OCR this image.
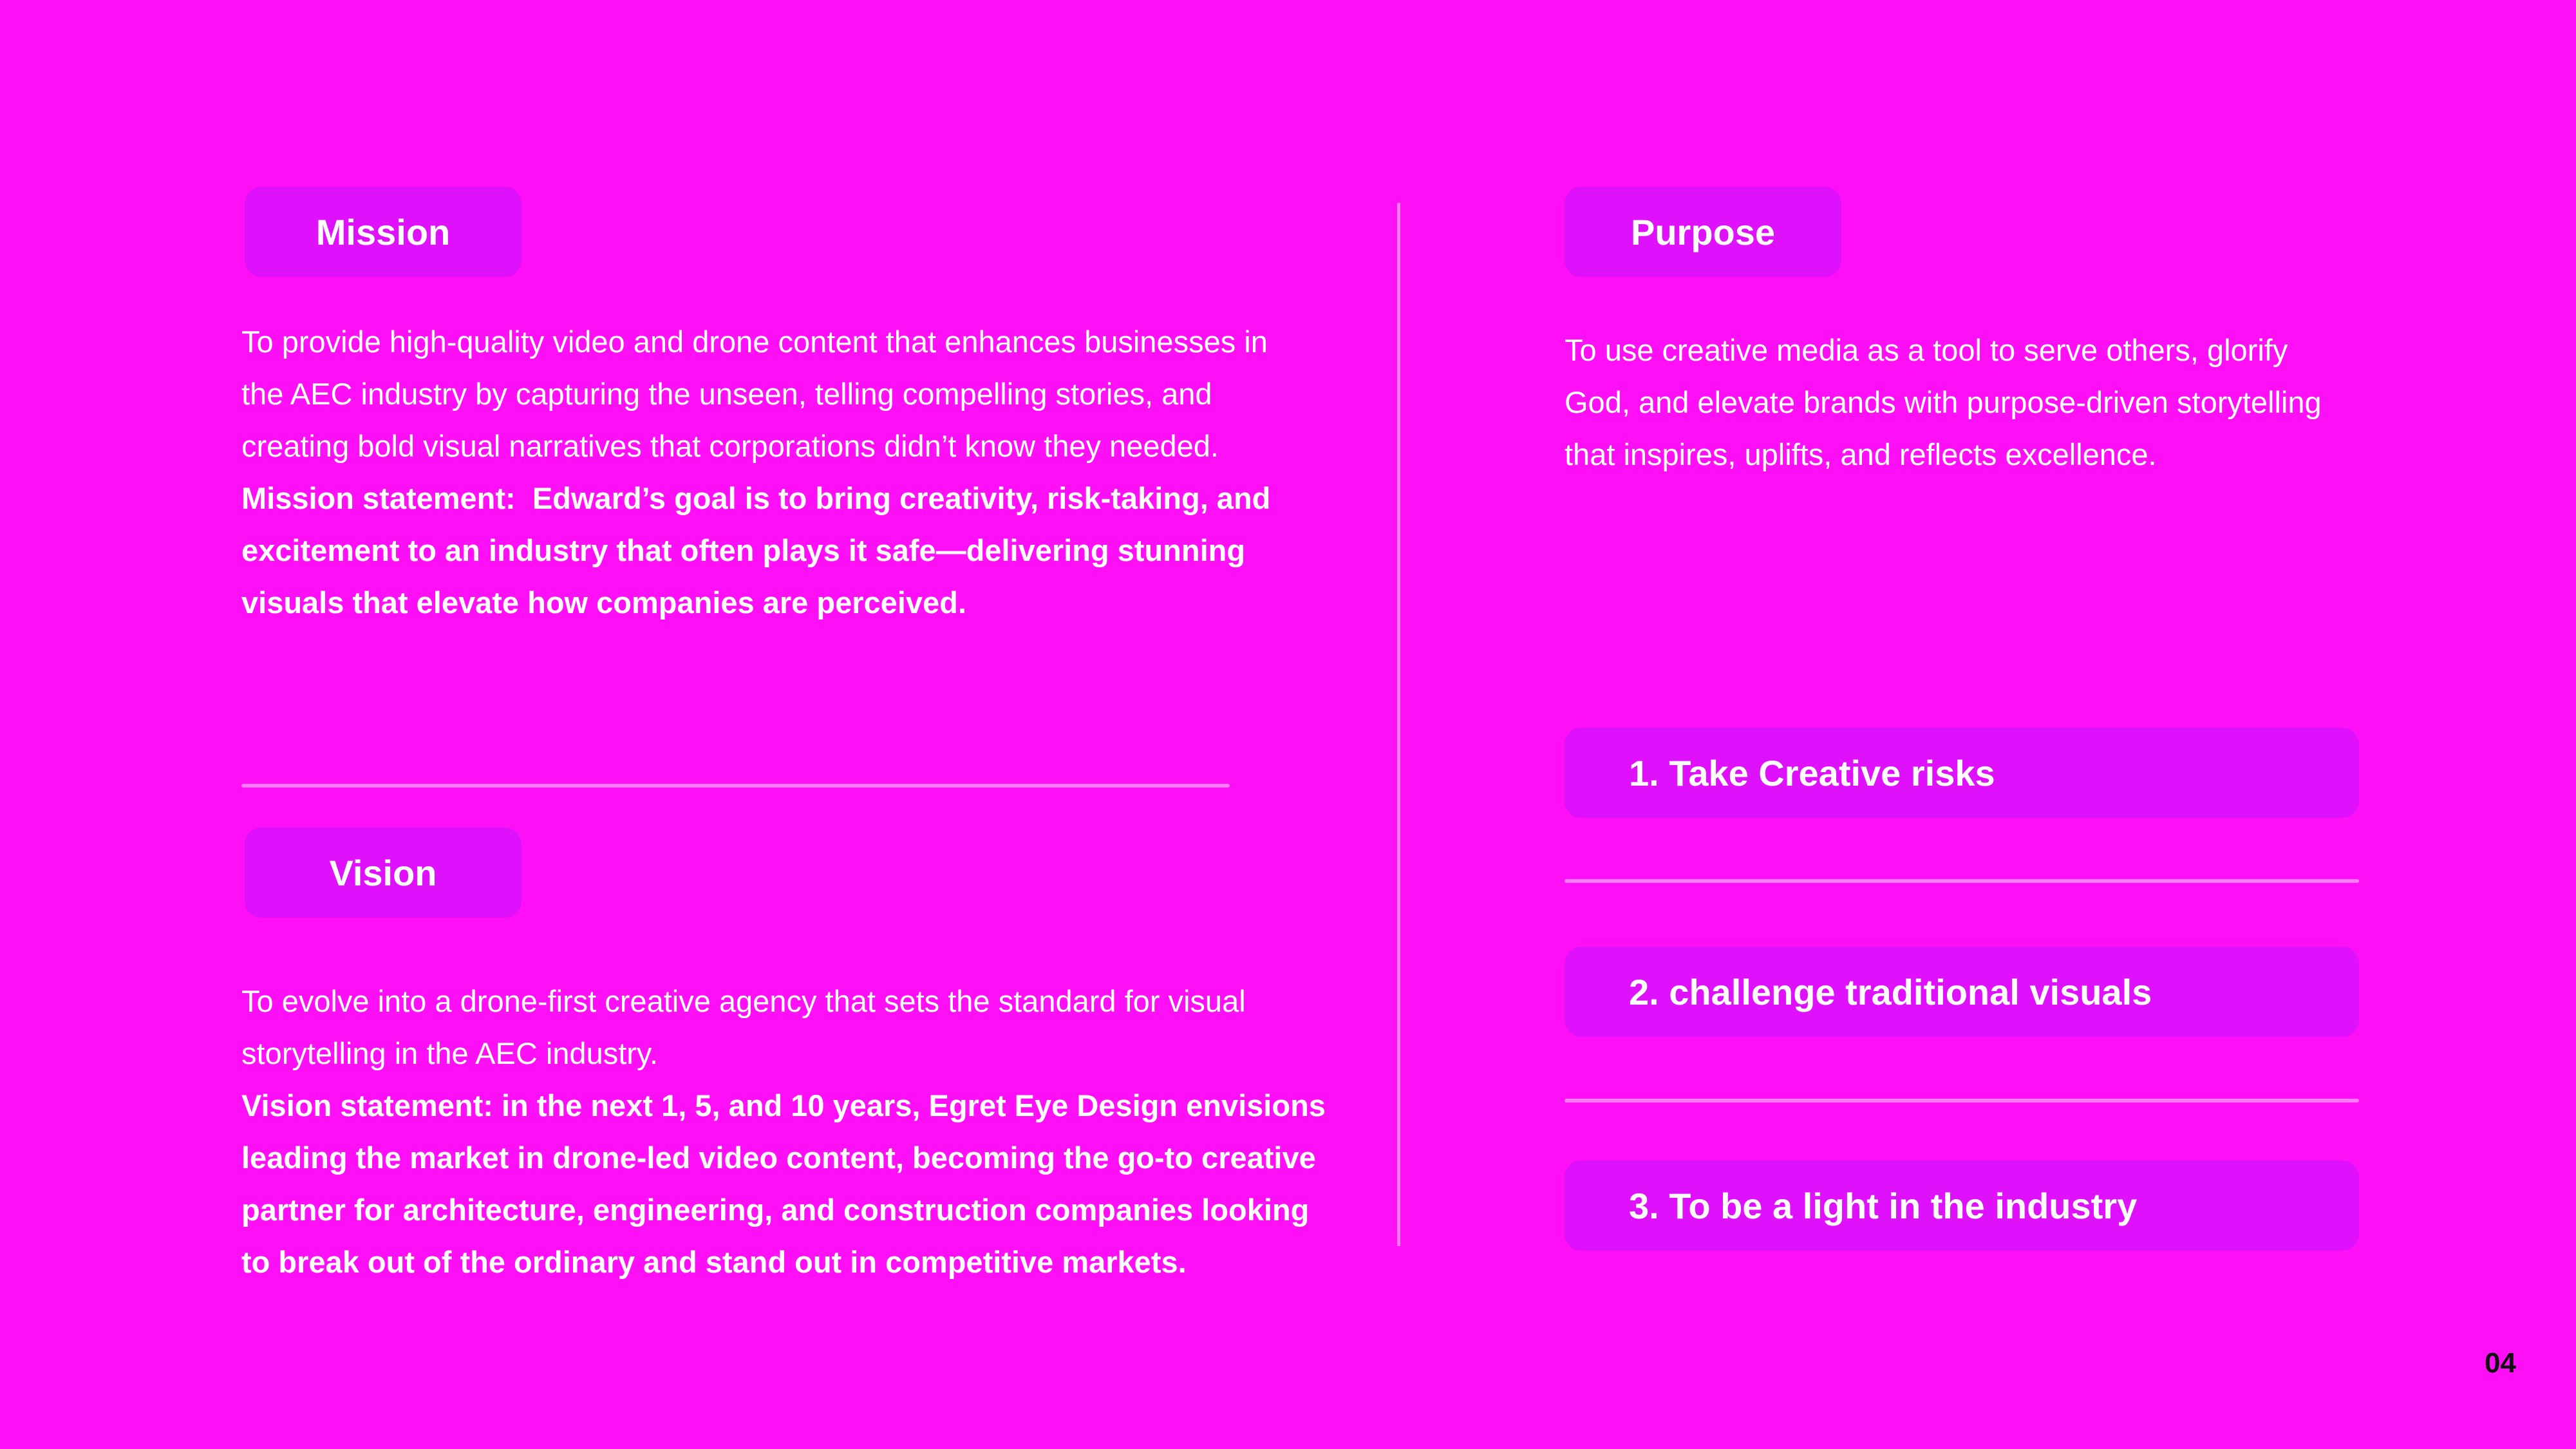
Mission
To provide high-quality video and drone content that enhances businesses in the AEC industry by capturing the unseen, telling compelling stories, and creating bold visual narratives that corporations didn’t know they needed.
Mission statement: Edward’s goal is to bring creativity, risk-taking, and excitement to an industry that often plays it safe—delivering stunning visuals that elevate how companies are perceived.
Vision
To evolve into a drone-first creative agency that sets the standard for visual storytelling in the AEC industry.
Vision statement: in the next 1, 5, and 10 years, Egret Eye Design envisions leading the market in drone-led video content, becoming the go-to creative partner for architecture, engineering, and construction companies looking to break out of the ordinary and stand out in competitive markets.
Purpose
To use creative media as a tool to serve others, glorify God, and elevate brands with purpose-driven storytelling that inspires, uplifts, and reflects excellence.
1. Take Creative risks
2. challenge traditional visuals
3. To be a light in the industry
04
